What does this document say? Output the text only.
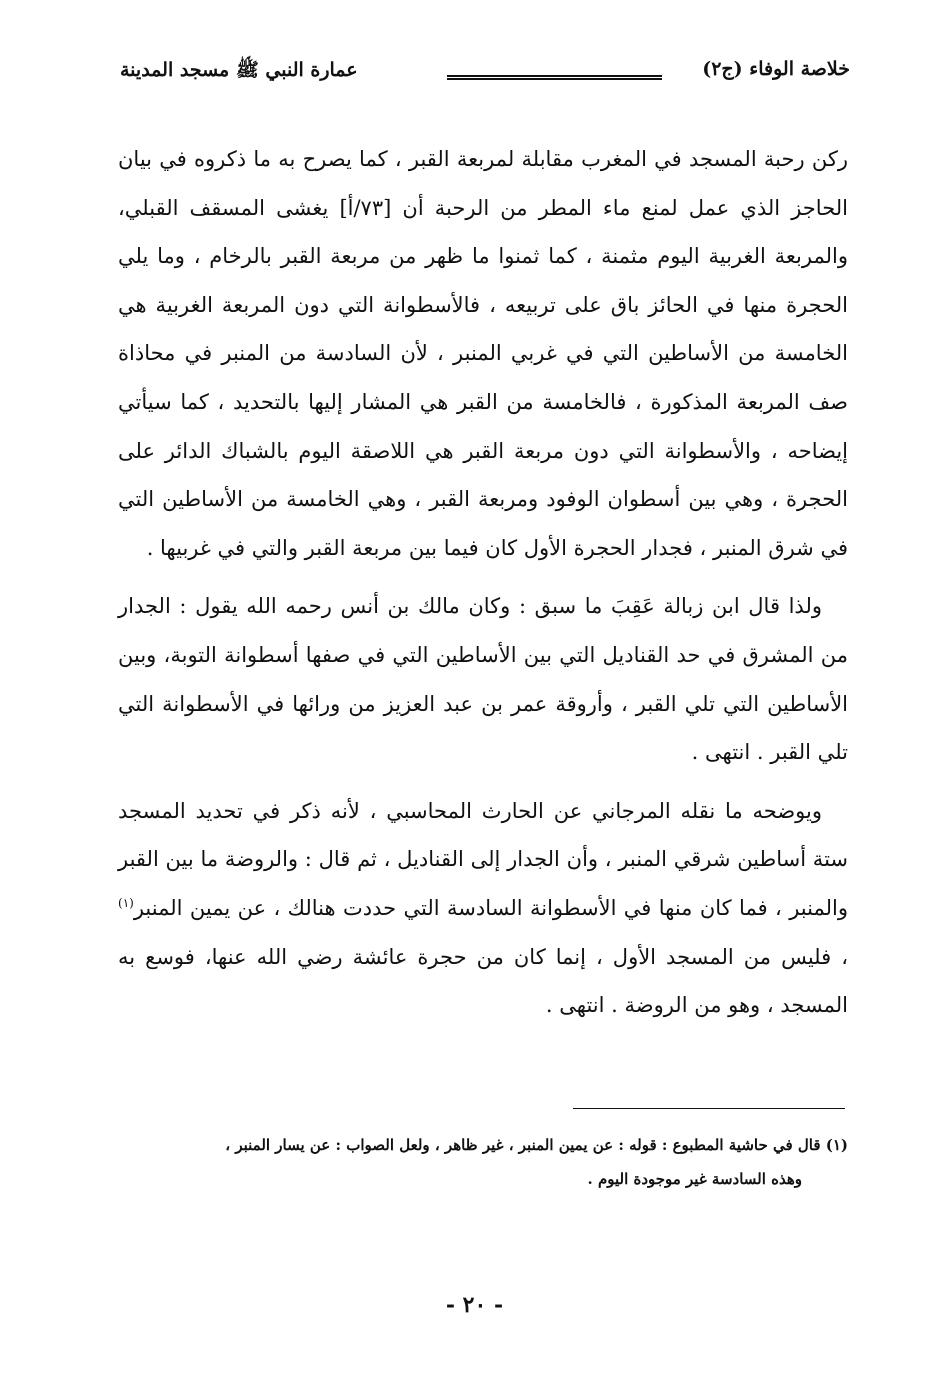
خلاصة الوفاء (ج٢)
عمارة النبي ﷺ مسجد المدينة

ركن رحبة المسجد في المغرب مقابلة لمربعة القبر ، كما يصرح به ما ذكروه في بيان الحاجز الذي عمل لمنع ماء المطر من الرحبة أن [٧٣/أ] يغشى المسقف القبلي، والمربعة الغربية اليوم مثمنة ، كما ثمنوا ما ظهر من مربعة القبر بالرخام ، وما يلي الحجرة منها في الحائز باق على تربيعه ، فالأسطوانة التي دون المربعة الغربية هي الخامسة من الأساطين التي في غربي المنبر ، لأن السادسة من المنبر في محاذاة صف المربعة المذكورة ، فالخامسة من القبر هي المشار إليها بالتحديد ، كما سيأتي إيضاحه ، والأسطوانة التي دون مربعة القبر هي اللاصقة اليوم بالشباك الدائر على الحجرة ، وهي بين أسطوان الوفود ومربعة القبر ، وهي الخامسة من الأساطين التي في شرق المنبر ، فجدار الحجرة الأول كان فيما بين مربعة القبر والتي في غربيها .

ولذا قال ابن زبالة عَقِبَ ما سبق : وكان مالك بن أنس رحمه الله يقول : الجدار من المشرق في حد القناديل التي بين الأساطين التي في صفها أسطوانة التوبة، وبين الأساطين التي تلي القبر ، وأروقة عمر بن عبد العزيز من ورائها في الأسطوانة التي تلي القبر . انتهى .

ويوضحه ما نقله المرجاني عن الحارث المحاسبي ، لأنه ذكر في تحديد المسجد ستة أساطين شرقي المنبر ، وأن الجدار إلى القناديل ، ثم قال : والروضة ما بين القبر والمنبر ، فما كان منها في الأسطوانة السادسة التي حددت هنالك ، عن يمين المنبر$^{(١)}$ ، فليس من المسجد الأول ، إنما كان من حجرة عائشة رضي الله عنها، فوسع به المسجد ، وهو من الروضة . انتهى .

(١) قال في حاشية المطبوع : قوله : عن يمين المنبر ، غير ظاهر ، ولعل الصواب : عن يسار المنبر ،

وهذه السادسة غير موجودة اليوم .

- ٢٠ -
